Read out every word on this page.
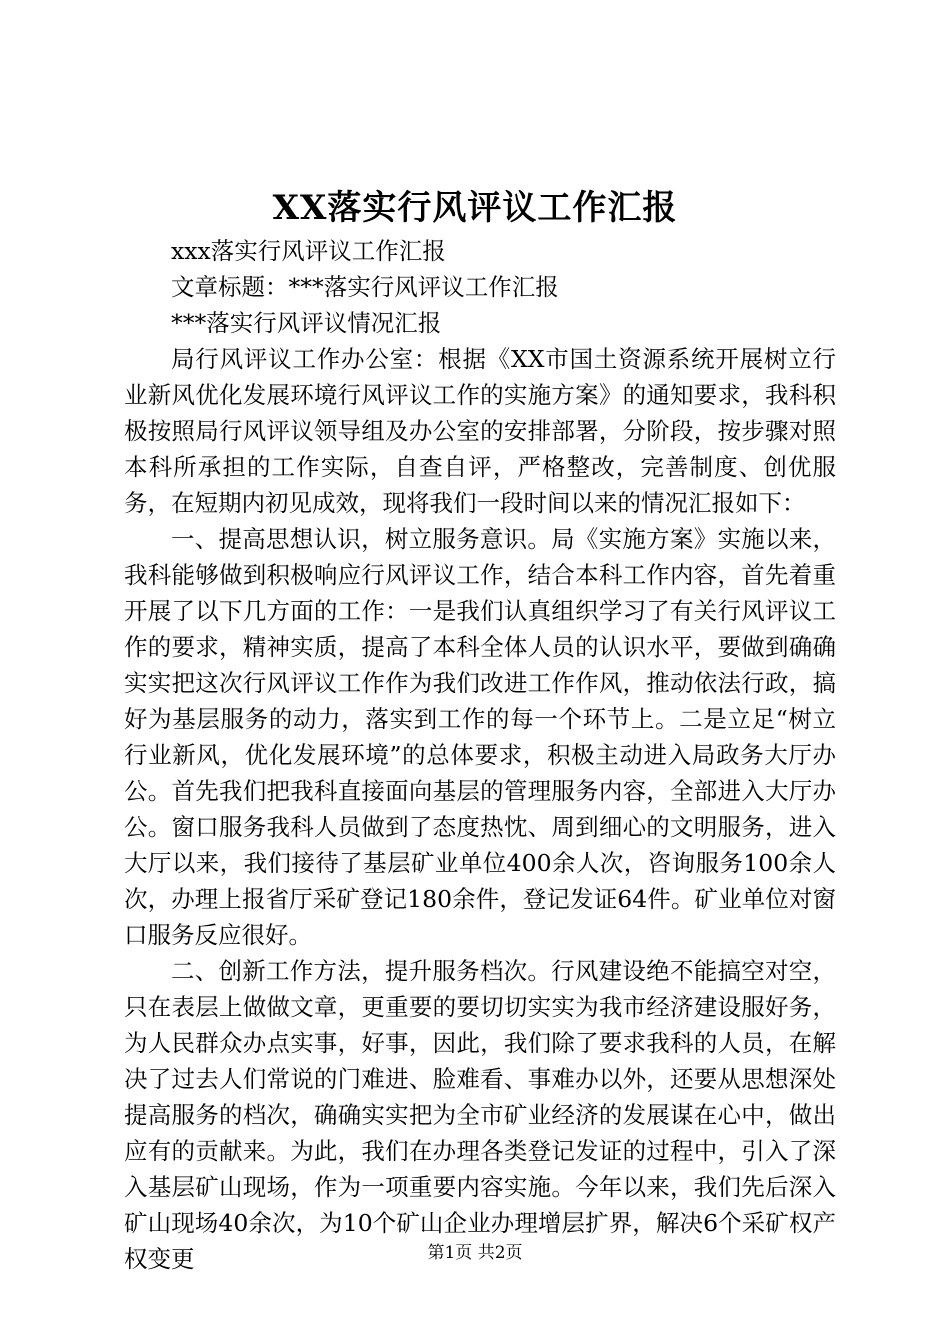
XX落实行风评议工作汇报

xxx落实行风评议工作汇报

文章标题：***落实行风评议工作汇报

***落实行风评议情况汇报

局行风评议工作办公室：根据《XX市国土资源系统开展树立行业新风优化发展环境行风评议工作的实施方案》的通知要求，我科积极按照局行风评议领导组及办公室的安排部署，分阶段，按步骤对照本科所承担的工作实际，自查自评，严格整改，完善制度、创优服务，在短期内初见成效，现将我们一段时间以来的情况汇报如下：

一、提高思想认识，树立服务意识。局《实施方案》实施以来，我科能够做到积极响应行风评议工作，结合本科工作内容，首先着重开展了以下几方面的工作：一是我们认真组织学习了有关行风评议工作的要求，精神实质，提高了本科全体人员的认识水平，要做到确确实实把这次行风评议工作作为我们改进工作作风，推动依法行政，搞好为基层服务的动力，落实到工作的每一个环节上。二是立足“树立行业新风，优化发展环境”的总体要求，积极主动进入局政务大厅办公。首先我们把我科直接面向基层的管理服务内容，全部进入大厅办公。窗口服务我科人员做到了态度热忱、周到细心的文明服务，进入大厅以来，我们接待了基层矿业单位400余人次，咨询服务100余人次，办理上报省厅采矿登记180余件，登记发证64件。矿业单位对窗口服务反应很好。

二、创新工作方法，提升服务档次。行风建设绝不能搞空对空，只在表层上做做文章，更重要的要切切实实为我市经济建设服好务，为人民群众办点实事，好事，因此，我们除了要求我科的人员，在解决了过去人们常说的门难进、脸难看、事难办以外，还要从思想深处提高服务的档次，确确实实把为全市矿业经济的发展谋在心中，做出应有的贡献来。为此，我们在办理各类登记发证的过程中，引入了深入基层矿山现场，作为一项重要内容实施。今年以来，我们先后深入矿山现场40余次，为10个矿山企业办理增层扩界，解决6个采矿权产权变更	第1页 共2页
